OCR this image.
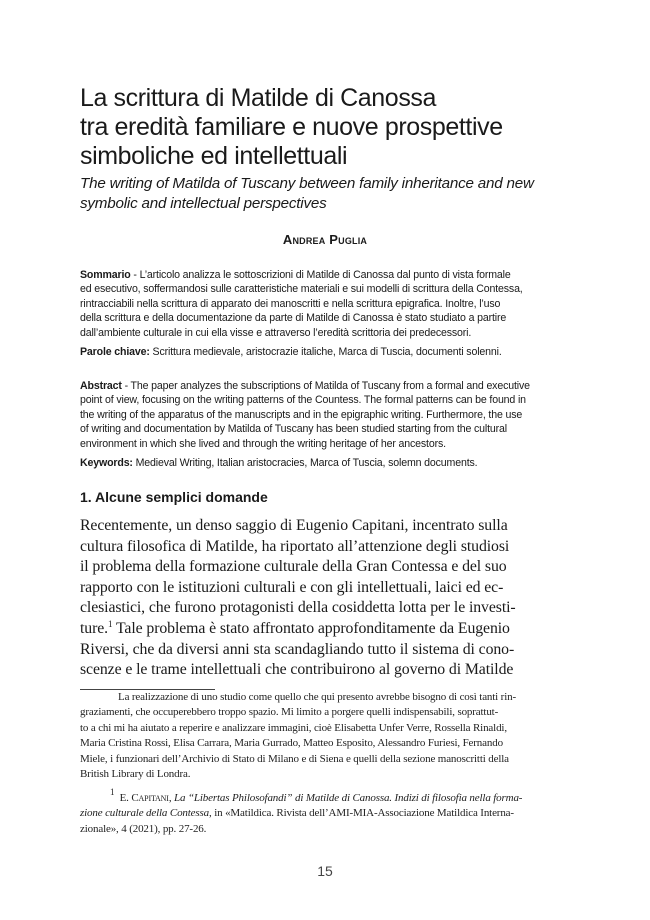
La scrittura di Matilde di Canossa
tra eredità familiare e nuove prospettive
simboliche ed intellettuali
The writing of Matilda of Tuscany between family inheritance and new
symbolic and intellectual perspectives
Andrea Puglia
Sommario - L’articolo analizza le sottoscrizioni di Matilde di Canossa dal punto di vista formale
ed esecutivo, soffermandosi sulle caratteristiche materiali e sui modelli di scrittura della Contessa,
rintracciabili nella scrittura di apparato dei manoscritti e nella scrittura epigrafica. Inoltre, l’uso
della scrittura e della documentazione da parte di Matilde di Canossa è stato studiato a partire
dall’ambiente culturale in cui ella visse e attraverso l’eredità scrittoria dei predecessori.
Parole chiave: Scrittura medievale, aristocrazie italiche, Marca di Tuscia, documenti solenni.
Abstract - The paper analyzes the subscriptions of Matilda of Tuscany from a formal and executive
point of view, focusing on the writing patterns of the Countess. The formal patterns can be found in
the writing of the apparatus of the manuscripts and in the epigraphic writing. Furthermore, the use
of writing and documentation by Matilda of Tuscany has been studied starting from the cultural
environment in which she lived and through the writing heritage of her ancestors.
Keywords: Medieval Writing, Italian aristocracies, Marca of Tuscia, solemn documents.
1. Alcune semplici domande
Recentemente, un denso saggio di Eugenio Capitani, incentrato sulla
cultura filosofica di Matilde, ha riportato all’attenzione degli studiosi
il problema della formazione culturale della Gran Contessa e del suo
rapporto con le istituzioni culturali e con gli intellettuali, laici ed ec-
clesiastici, che furono protagonisti della cosiddetta lotta per le investi-
ture.$^1$ Tale problema è stato affrontato approfonditamente da Eugenio
Riversi, che da diversi anni sta scandagliando tutto il sistema di cono-
scenze e le trame intellettuali che contribuirono al governo di Matilde
La realizzazione di uno studio come quello che qui presento avrebbe bisogno di così tanti rin-
graziamenti, che occuperebbero troppo spazio. Mi limito a porgere quelli indispensabili, soprattut-
to a chi mi ha aiutato a reperire e analizzare immagini, cioè Elisabetta Unfer Verre, Rossella Rinaldi,
Maria Cristina Rossi, Elisa Carrara, Maria Gurrado, Matteo Esposito, Alessandro Furiesi, Fernando
Miele, i funzionari dell’Archivio di Stato di Milano e di Siena e quelli della sezione manoscritti della
British Library di Londra.
$^1$ E. Capitani, La “Libertas Philosofandi” di Matilde di Canossa. Indizi di filosofia nella forma-
zione culturale della Contessa, in «Matildica. Rivista dell’AMI-MIA-Associazione Matildica Interna-
zionale», 4 (2021), pp. 27-26.
15
